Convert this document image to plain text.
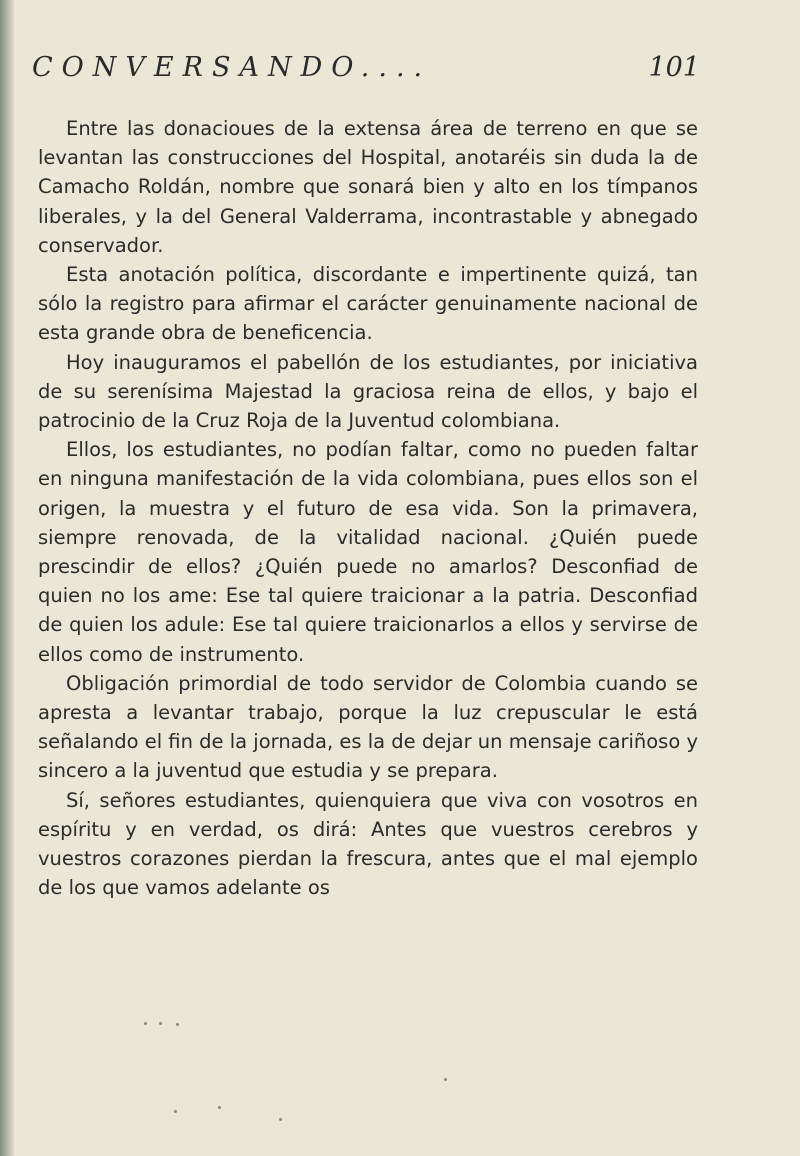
CONVERSANDO....	101

Entre las donacioues de la extensa área de terreno en que se levantan las construcciones del Hospital, anotaréis sin duda la de Camacho Roldán, nombre que sonará bien y alto en los tímpanos liberales, y la del General Valderrama, incontrastable y abnegado conservador.

Esta anotación política, discordante e impertinente quizá, tan sólo la registro para afirmar el carácter genuinamente nacional de esta grande obra de beneficencia.

Hoy inauguramos el pabellón de los estudiantes, por iniciativa de su serenísima Majestad la graciosa reina de ellos, y bajo el patrocinio de la Cruz Roja de la Juventud colombiana.

Ellos, los estudiantes, no podían faltar, como no pueden faltar en ninguna manifestación de la vida colombiana, pues ellos son el origen, la muestra y el futuro de esa vida. Son la primavera, siempre renovada, de la vitalidad nacional. ¿Quién puede prescindir de ellos? ¿Quién puede no amarlos? Desconfiad de quien no los ame: Ese tal quiere traicionar a la patria. Desconfiad de quien los adule: Ese tal quiere traicionarlos a ellos y servirse de ellos como de instrumento.

Obligación primordial de todo servidor de Colombia cuando se apresta a levantar trabajo, porque la luz crepuscular le está señalando el fin de la jornada, es la de dejar un mensaje cariñoso y sincero a la juventud que estudia y se prepara.

Sí, señores estudiantes, quienquiera que viva con vosotros en espíritu y en verdad, os dirá: Antes que vuestros cerebros y vuestros corazones pierdan la frescura, antes que el mal ejemplo de los que vamos adelante os
